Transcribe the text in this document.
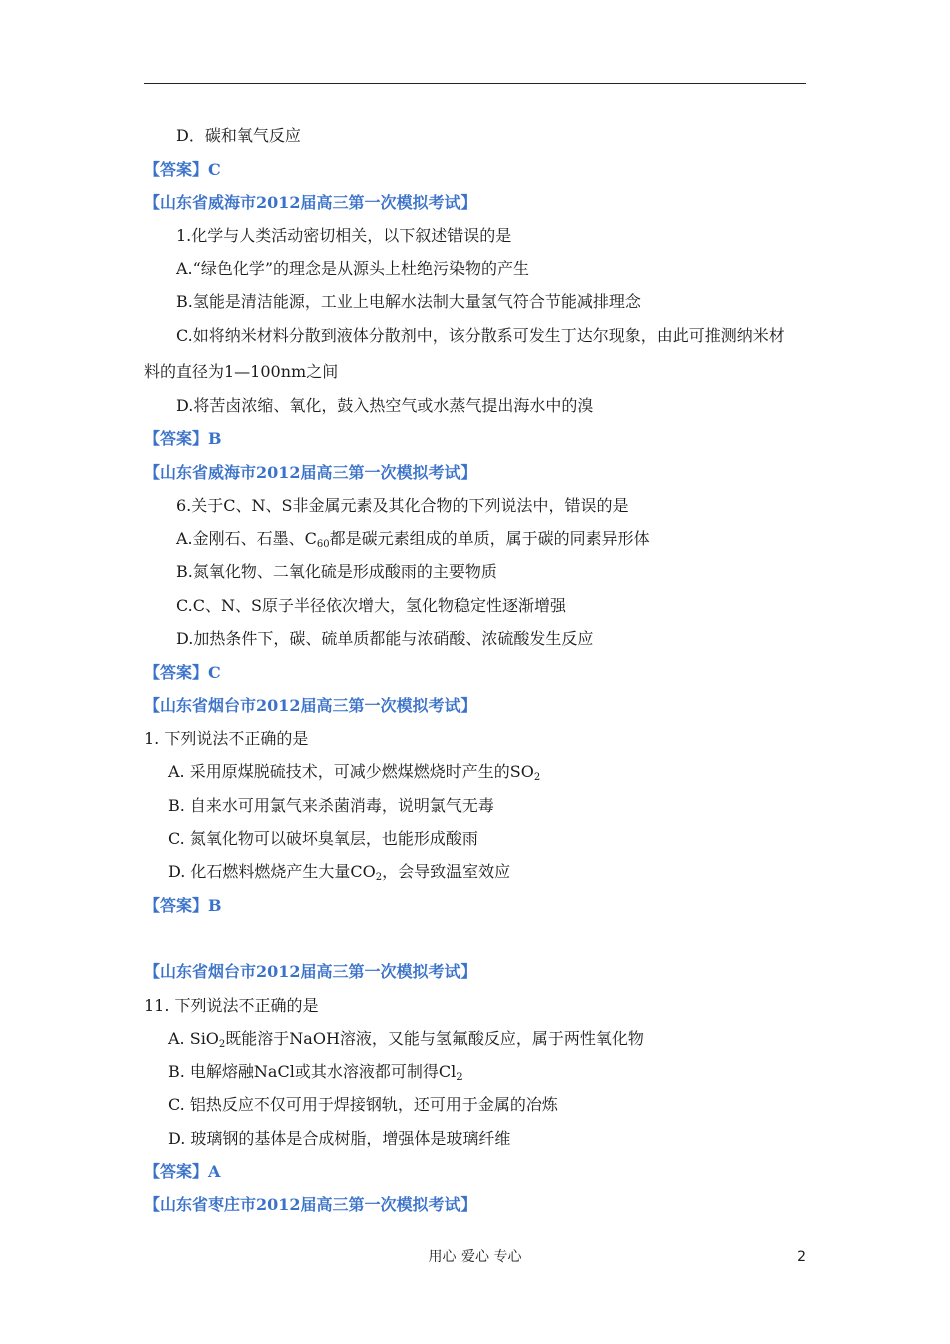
D．碳和氧气反应
【答案】C
【山东省威海市2012届高三第一次模拟考试】
1.化学与人类活动密切相关，以下叙述错误的是
A.“绿色化学”的理念是从源头上杜绝污染物的产生
B.氢能是清洁能源，工业上电解水法制大量氢气符合节能减排理念
C.如将纳米材料分散到液体分散剂中，该分散系可发生丁达尔现象，由此可推测纳米材
料的直径为1—100nm之间
D.将苦卤浓缩、氧化，鼓入热空气或水蒸气提出海水中的溴
【答案】B
【山东省威海市2012届高三第一次模拟考试】
6.关于C、N、S非金属元素及其化合物的下列说法中，错误的是
A.金刚石、石墨、$C_{60}$都是碳元素组成的单质，属于碳的同素异形体
B.氮氧化物、二氧化硫是形成酸雨的主要物质
C.C、N、S原子半径依次增大，氢化物稳定性逐渐增强
D.加热条件下，碳、硫单质都能与浓硝酸、浓硫酸发生反应
【答案】C
【山东省烟台市2012届高三第一次模拟考试】
1. 下列说法不正确的是
A. 采用原煤脱硫技术，可减少燃煤燃烧时产生的$SO_2$
B. 自来水可用氯气来杀菌消毒，说明氯气无毒
C. 氮氧化物可以破坏臭氧层，也能形成酸雨
D. 化石燃料燃烧产生大量$CO_2$，会导致温室效应
【答案】B
【山东省烟台市2012届高三第一次模拟考试】
11. 下列说法不正确的是
A. SiO$_2$既能溶于NaOH溶液，又能与氢氟酸反应，属于两性氧化物
B. 电解熔融NaCl或其水溶液都可制得$Cl_2$
C. 铝热反应不仅可用于焊接钢轨，还可用于金属的冶炼
D. 玻璃钢的基体是合成树脂，增强体是玻璃纤维
【答案】A
【山东省枣庄市2012届高三第一次模拟考试】
用心 爱心 专心	2
